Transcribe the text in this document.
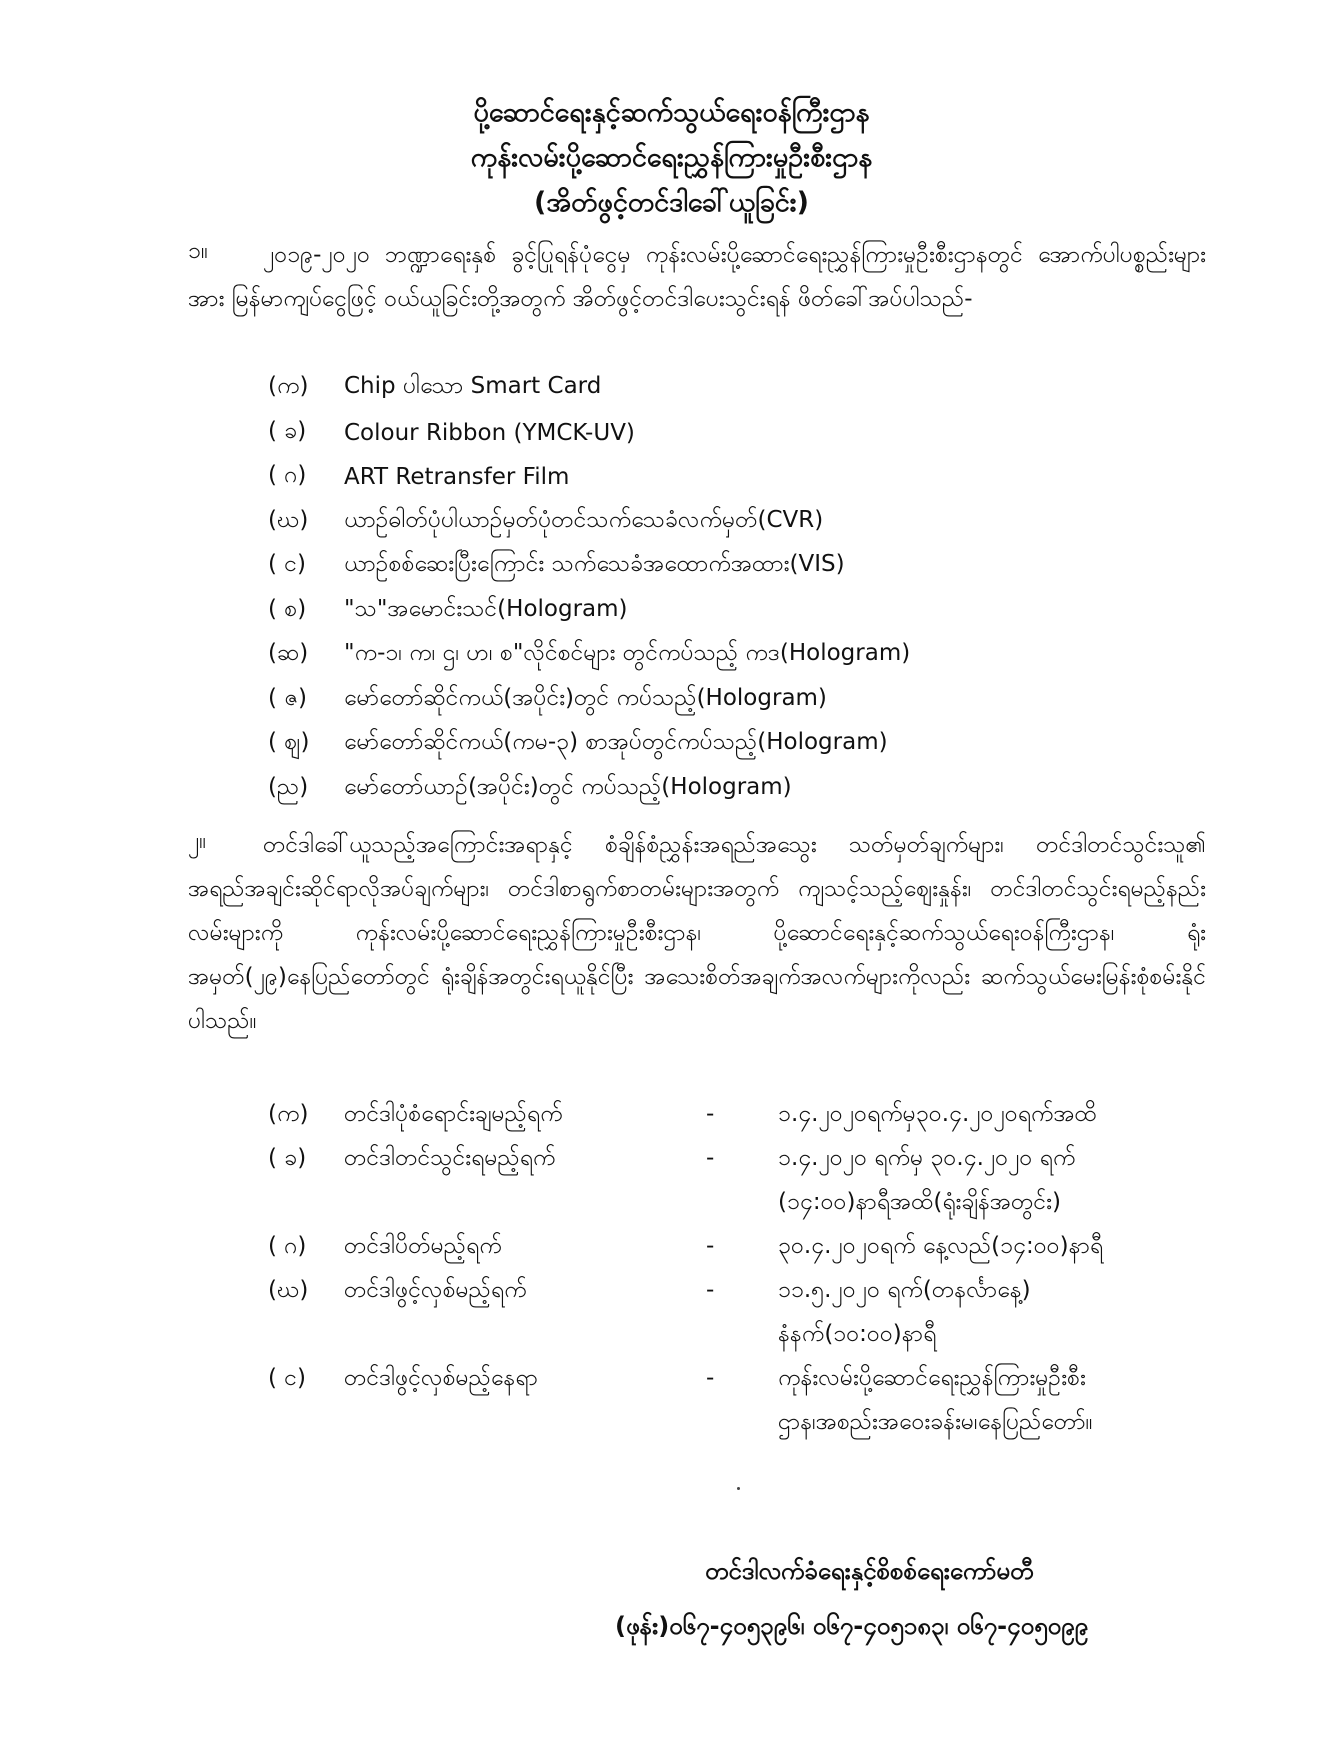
ပို့ဆောင်ရေးနှင့်ဆက်သွယ်ရေးဝန်ကြီးဌာန
ကုန်းလမ်းပို့ဆောင်ရေးညွှန်ကြားမှုဦးစီးဌာန
(အိတ်ဖွင့်တင်ဒါခေါ်ယူခြင်း)
၁။	၂၀၁၉-၂၀၂၀ ဘဏ္ဍာရေးနှစ် ခွင့်ပြုရန်ပုံငွေမှ ကုန်းလမ်းပို့ဆောင်ရေးညွှန်ကြားမှုဦးစီးဌာနတွင် အောက်ပါပစ္စည်းများအား မြန်မာကျပ်ငွေဖြင့် ဝယ်ယူခြင်းတို့အတွက် အိတ်ဖွင့်တင်ဒါပေးသွင်းရန် ဖိတ်ခေါ်အပ်ပါသည်-
(က)	Chip ပါသော Smart Card
( ခ)	Colour Ribbon (YMCK-UV)
( ဂ)	ART Retransfer Film
(ဃ)	ယာဉ်ဓါတ်ပုံပါယာဉ်မှတ်ပုံတင်သက်သေခံလက်မှတ်(CVR)
( င)	ယာဉ်စစ်ဆေးပြီးကြောင်း သက်သေခံအထောက်အထား(VIS)
( စ)	"သ"အမောင်းသင်(Hologram)
(ဆ)	"က-၁၊ က၊ ဌ၊ ဟ၊ စ"လိုင်စင်များ တွင်ကပ်သည့် ကဒ(Hologram)
( ဇ)	မော်တော်ဆိုင်ကယ်(အပိုင်း)တွင် ကပ်သည့်(Hologram)
( ဈ)	မော်တော်ဆိုင်ကယ်(ကမ-၃) စာအုပ်တွင်ကပ်သည့်(Hologram)
(ည)	မော်တော်ယာဉ်(အပိုင်း)တွင် ကပ်သည့်(Hologram)
၂။	တင်ဒါခေါ်ယူသည့်အကြောင်းအရာနှင့် စံချိန်စံညွှန်းအရည်အသွေး သတ်မှတ်ချက်များ၊ တင်ဒါတင်သွင်းသူ၏ အရည်အချင်းဆိုင်ရာလိုအပ်ချက်များ၊ တင်ဒါစာရွက်စာတမ်းများအတွက် ကျသင့်သည့်ဈေးနှုန်း၊ တင်ဒါတင်သွင်းရမည့်နည်းလမ်းများကို ကုန်းလမ်းပို့ဆောင်ရေးညွှန်ကြားမှုဦးစီးဌာန၊ ပို့ဆောင်ရေးနှင့်ဆက်သွယ်ရေးဝန်ကြီးဌာန၊ ရုံးအမှတ်(၂၉)နေပြည်တော်တွင် ရုံးချိန်အတွင်းရယူနိုင်ပြီး အသေးစိတ်အချက်အလက်များကိုလည်း ဆက်သွယ်မေးမြန်းစုံစမ်းနိုင်ပါသည်။
(က)	တင်ဒါပုံစံရောင်းချမည့်ရက်	-	၁.၄.၂၀၂၀ရက်မှ၃၀.၄.၂၀၂၀ရက်အထိ
( ခ)	တင်ဒါတင်သွင်းရမည့်ရက်	-	၁.၄.၂၀၂၀ ရက်မှ ၃၀.၄.၂၀၂၀ ရက်
(၁၄:၀၀)နာရီအထိ(ရုံးချိန်အတွင်း)
( ဂ)	တင်ဒါပိတ်မည့်ရက်	-	၃၀.၄.၂၀၂၀ရက် နေ့လည်(၁၄:၀၀)နာရီ
(ဃ)	တင်ဒါဖွင့်လှစ်မည့်ရက်	-	၁၁.၅.၂၀၂၀ ရက်(တနင်္လာနေ့)
နံနက်(၁၀:၀၀)နာရီ
( င)	တင်ဒါဖွင့်လှစ်မည့်နေရာ	-	ကုန်းလမ်းပို့ဆောင်ရေးညွှန်ကြားမှုဦးစီး
ဌာန၊အစည်းအဝေးခန်းမ၊နေပြည်တော်။
တင်ဒါလက်ခံရေးနှင့်စိစစ်ရေးကော်မတီ
(ဖုန်း)၀၆၇-၄၀၅၃၉၆၊ ၀၆၇-၄၀၅၁၈၃၊ ၀၆၇-၄၀၅၀၉၉
